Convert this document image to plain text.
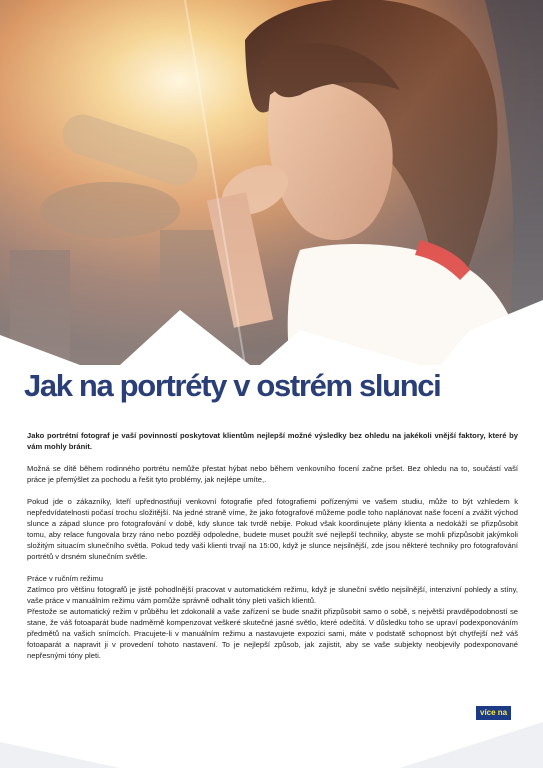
Jak na portréty v ostrém slunci

Jako portrétní fotograf je vaší povinností poskytovat klientům nejlepší možné výsledky bez ohledu na jakékoli vnější faktory, které by vám mohly bránit.

Možná se dítě během rodinného portrétu nemůže přestat hýbat nebo během venkovního focení začne pršet. Bez ohledu na to, součástí vaší práce je přemýšlet za pochodu a řešit tyto problémy, jak nejlépe umíte,.

Pokud jde o zákazníky, kteří upřednostňují venkovní fotografie před fotografiemi pořízenými ve vašem studiu, může to být vzhledem k nepředvídatelnosti počasí trochu složitější. Na jedné straně víme, že jako fotografové můžeme podle toho naplánovat naše focení a zvážit východ slunce a západ slunce pro fotografování v době, kdy slunce tak tvrdě nebije. Pokud však koordinujete plány klienta a nedokáží se přizpůsobit tomu, aby relace fungovala brzy ráno nebo později odpoledne, budete muset použít své nejlepší techniky, abyste se mohli přizpůsobit jakýmkoli složitým situacím slunečního světla. Pokud tedy vaši klienti trvají na 15:00, když je slunce nejsilnější, zde jsou některé techniky pro fotografování portrétů v drsném slunečním světle.

Práce v ručním režimu

Zatímco pro většinu fotografů je jistě pohodlnější pracovat v automatickém režimu, když je sluneční světlo nejsilnější, intenzivní pohledy a stíny, vaše práce v manuálním režimu vám pomůže správně odhalit tóny pleti vašich klientů.

Přestože se automatický režim v průběhu let zdokonalil a vaše zařízení se bude snažit přizpůsobit samo o sobě, s největší pravděpodobností se stane, že váš fotoaparát bude nadměrně kompenzovat veškeré skutečné jasné světlo, které odečítá. V důsledku toho se upraví podexponováním předmětů na vašich snímcích. Pracujete-li v manuálním režimu a nastavujete expozici sami, máte v podstatě schopnost být chytřejší než váš fotoaparát a napravit ji v provedení tohoto nastavení. To je nejlepší způsob, jak zajistit, aby se vaše subjekty neobjevily podexponované nepřesnými tóny pleti.

více na
